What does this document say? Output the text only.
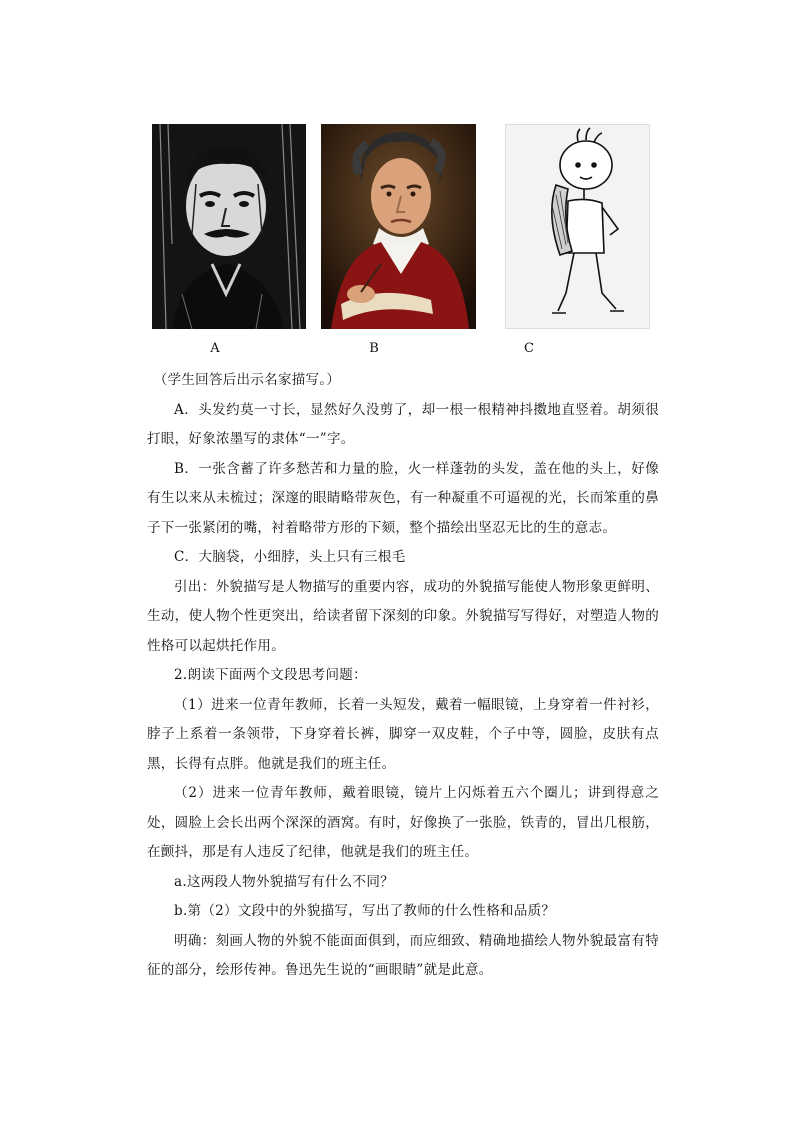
A	B	C

（学生回答后出示名家描写。）

A．头发约莫一寸长，显然好久没剪了，却一根一根精神抖擞地直竖着。胡须很打眼，好象浓墨写的隶体“一”字。

B．一张含蓄了许多愁苦和力量的脸，火一样蓬勃的头发，盖在他的头上，好像有生以来从未梳过；深邃的眼睛略带灰色，有一种凝重不可逼视的光，长而笨重的鼻子下一张紧闭的嘴，衬着略带方形的下颏，整个描绘出坚忍无比的生的意志。

C．大脑袋，小细脖，头上只有三根毛

引出：外貌描写是人物描写的重要内容，成功的外貌描写能使人物形象更鲜明、生动，使人物个性更突出，给读者留下深刻的印象。外貌描写写得好，对塑造人物的性格可以起烘托作用。

2.朗读下面两个文段思考问题：

（1）进来一位青年教师，长着一头短发，戴着一幅眼镜，上身穿着一件衬衫，脖子上系着一条领带，下身穿着长裤，脚穿一双皮鞋，个子中等，圆脸，皮肤有点黑，长得有点胖。他就是我们的班主任。

（2）进来一位青年教师，戴着眼镜，镜片上闪烁着五六个圈儿；讲到得意之处，圆脸上会长出两个深深的酒窝。有时，好像换了一张脸，铁青的，冒出几根筋，在颤抖，那是有人违反了纪律，他就是我们的班主任。

a.这两段人物外貌描写有什么不同？

b.第（2）文段中的外貌描写，写出了教师的什么性格和品质？

明确：刻画人物的外貌不能面面俱到，而应细致、精确地描绘人物外貌最富有特征的部分，绘形传神。鲁迅先生说的“画眼睛”就是此意。
